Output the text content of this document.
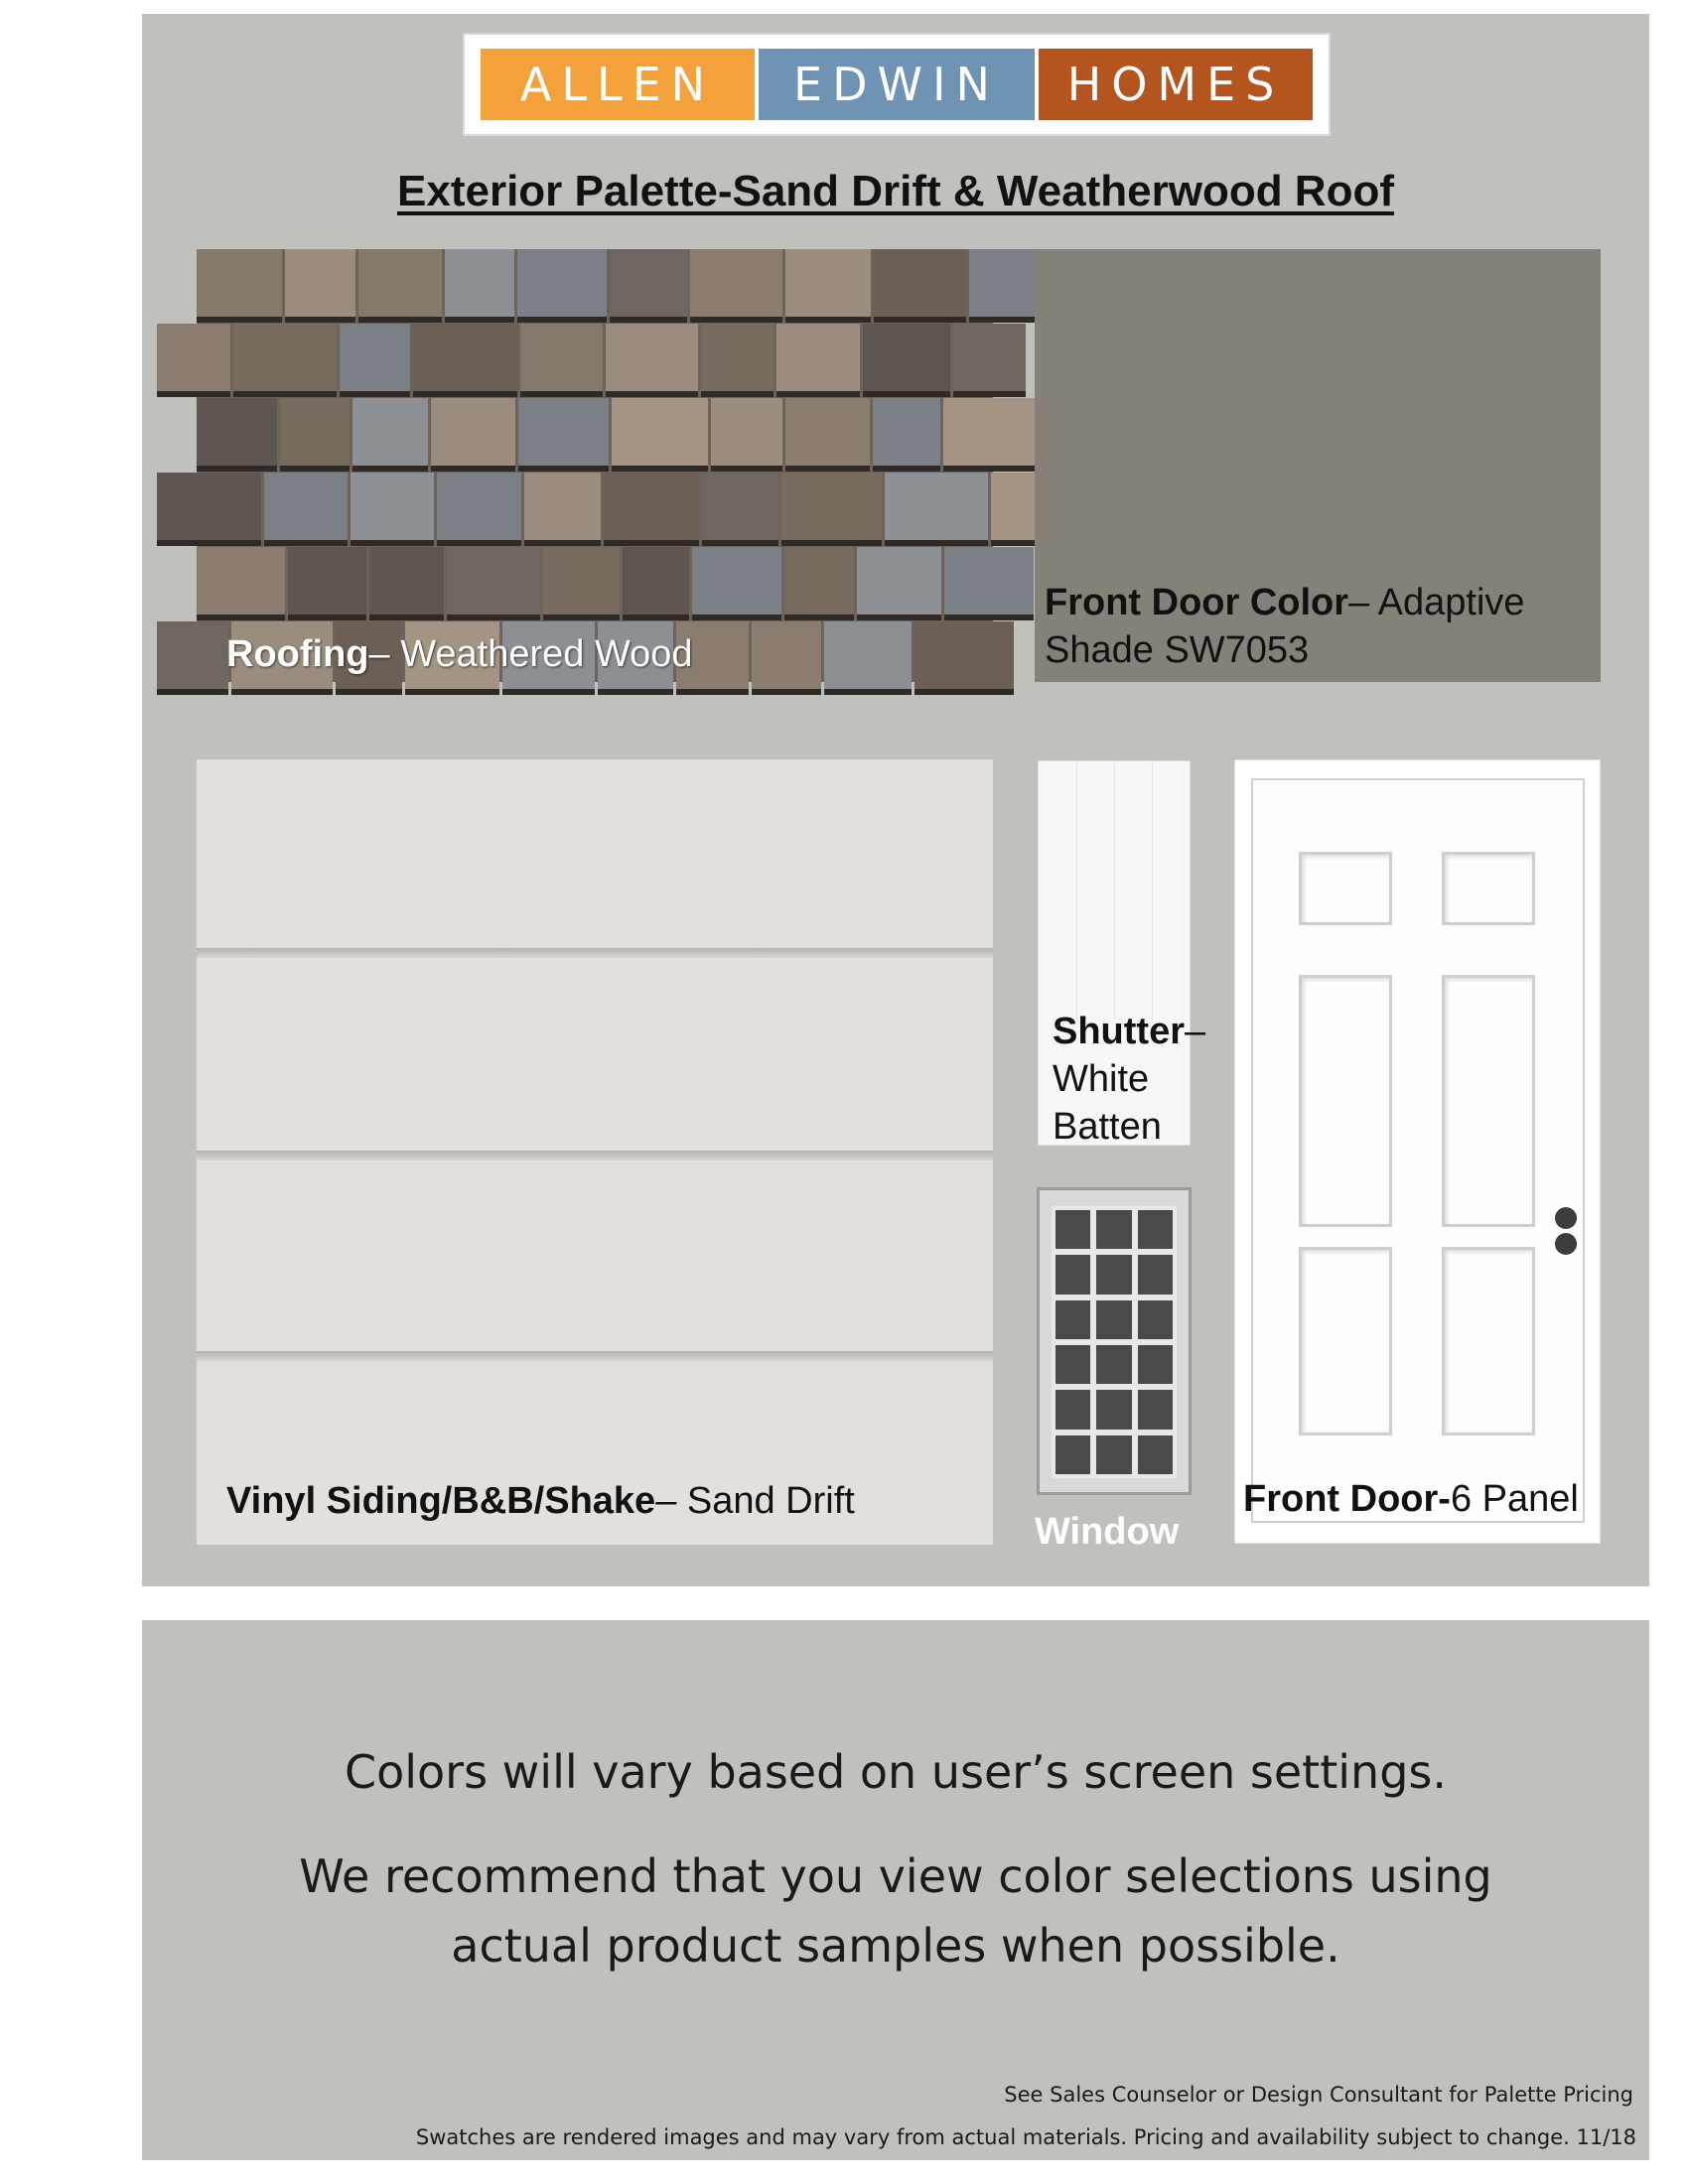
ALLEN	EDWIN	HOMES
Exterior Palette-Sand Drift & Weatherwood Roof
Roofing– Weathered Wood
Front Door Color– Adaptive Shade SW7053
Vinyl Siding/B&B/Shake– Sand Drift
Shutter– White Batten
Window
Front Door-6 Panel
Colors will vary based on user’s screen settings.
We recommend that you view color selections using actual product samples when possible.
See Sales Counselor or Design Consultant for Palette Pricing
Swatches are rendered images and may vary from actual materials. Pricing and availability subject to change. 11/18
